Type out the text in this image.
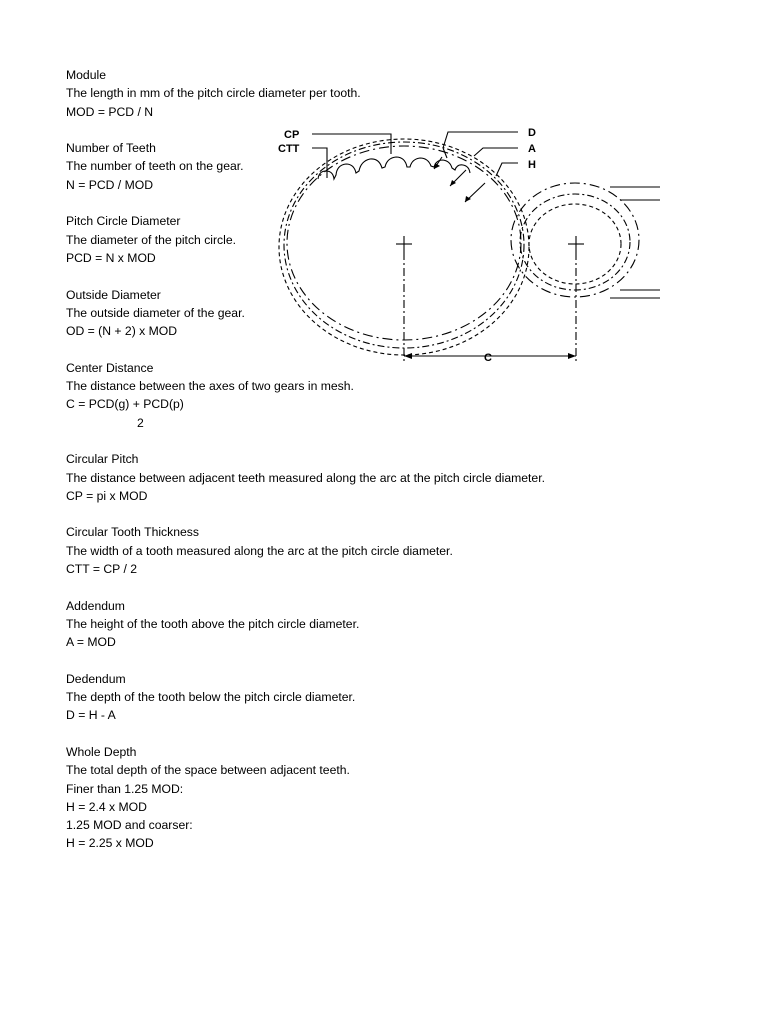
Module
The length in mm of the pitch circle diameter per tooth.
MOD = PCD / N
Number of Teeth
The number of teeth on the gear.
N = PCD / MOD
Pitch Circle Diameter
The diameter of the pitch circle.
PCD = N x MOD
Outside Diameter
The outside diameter of the gear.
OD = (N + 2) x MOD
Center Distance
The distance between the axes of two gears in mesh.
C = PCD(g) + PCD(p)
2
Circular Pitch
The distance between adjacent teeth measured along the arc at the pitch circle diameter.
CP = pi x MOD
Circular Tooth Thickness
The width of a tooth measured along the arc at the pitch circle diameter.
CTT = CP / 2
Addendum
The height of the tooth above the pitch circle diameter.
A = MOD
Dedendum
The depth of the tooth below the pitch circle diameter.
D = H - A
Whole Depth
The total depth of the space between adjacent teeth.
Finer than 1.25 MOD:
H = 2.4 x MOD
1.25 MOD and coarser:
H = 2.25 x MOD
CP
CTT
D
A
H
C
